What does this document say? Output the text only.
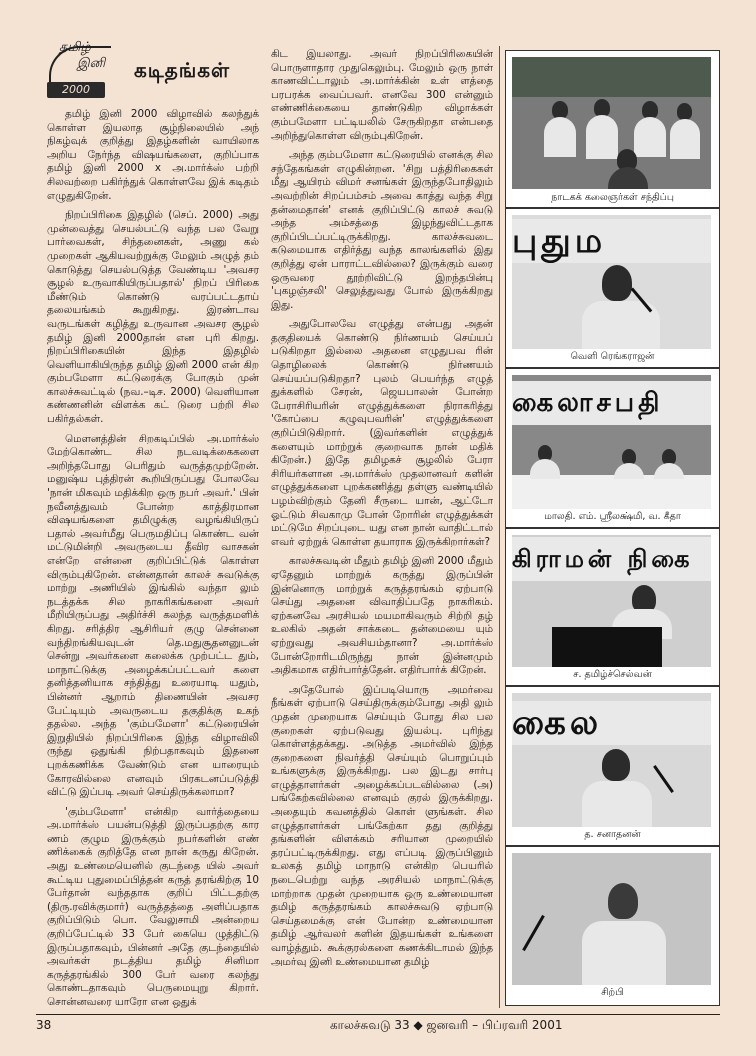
தமிழ்
இனி
2000
கடிதங்கள்

தமிழ் இனி 2000 விழாவில் கலந்துக் கொள்ள இயலாத சூழ்நிலையில் அந் நிகழ்வுக் குறித்து இதழ்களின் வாயிலாக அறிய நேர்ந்த விஷயங்களை, குறிப்பாக தமிழ் இனி 2000 x அ.மார்க்ஸ் பற்றி சிலவற்றை பகிர்ந்துக் கொள்ளவே இக் கடிதம் எழுதுகிறேன்.

நிறப்பிரிகை இதழில் (செப். 2000) அது முன்வைத்து செயல்பட்டு வந்த பல வேறு பார்வைகள், சிந்தனைகள், அணு கல் முறைகள் ஆகியவற்றுக்கு மேலும் அழுத் தம் கொடுத்து செயல்படுத்த வேண்டிய 'அவசர சூழல் உருவாகியிருப்பதால்' நிறப் பிரிகை மீண்டும் கொண்டு வரப்பட்டதாய் தலையங்கம் கூறுகிறது. இரண்டாவ வருடங்கள் கழித்து உருவான அவசர சூழல் தமிழ் இனி 2000தான் என புரி கிறது. நிறப்பிரிகையின் இந்த இதழில் வெளியாகியிருந்த தமிழ் இனி 2000 என் கிற கும்பமேளா கட்டுரைக்கு போகும் முன் காலச்சுவட்டில் (நவ.–டிச. 2000) வெளியான கண்ணனின் விளக்க கட் டுரை பற்றி சில பகிர்தல்கள்.

மௌனத்தின் சிறகடிப்பில் அ.மார்க்ஸ் மேற்கொண்ட சில நடவடிக்கைகளை அறிந்தபோது பெரிதும் வருத்தமுற்றேன். மனுஷ்ய புத்திரன் கூறியிருப்பது போலவே 'நான் மிகவும் மதிக்கிற ஒரு நபர் அவர்.' பின் நவீனத்துவம் போன்ற காத்திரமான விஷயங்களை தமிழுக்கு வழங்கியிருப் பதால் அவர்மீது பெருமதிப்பு கொண்ட வன் மட்டுமின்றி அவருடைய தீவிர வாசகன் என்றே என்னை குறிப்பிட்டுக் கொள்ள விரும்புகிறேன். என்னதான் காலச் சுவடுக்கு மாற்று அணியில் இங்கில் வந்தா லும் நடத்தக்க சில நாகரிகங்களை அவர் மீறியிருப்பது அதிர்ச்சி கலந்த வருத்தமளிக் கிறது. சரித்திர ஆசிரியர் குழு சென்னை வந்திறங்கியவுடன் தெ.மதுசூதனனுடன் சென்று அவர்களை கலைக்க முற்பட்ட தும், மாநாட்டுக்கு அழைக்கப்பட்டவர் களை தனித்தனியாக சந்தித்து உரையாடி யதும், பின்னர் ஆறாம் திணையின் அவசர பேட்டியும் அவருடைய தகுதிக்கு உகந் ததல்ல. அந்த 'கும்பமேளா' கட்டுரையின் இறுதியில் நிறப்பிரிகை இந்த விழாவிலி ருந்து ஒதுங்கி நிற்பதாகவும் இதனை புறக்கணிக்க வேண்டும் என யாரையும் கோரவில்லை எனவும் பிரகடனப்படுத்தி விட்டு இப்படி அவர் செய்திருக்கலாமா?

'கும்பமேளா' என்கிற வார்த்தையை அ.மார்க்ஸ் பயன்படுத்தி இருப்பதற்கு கார ணம் குழும இருக்கும் நபர்களின் எண் ணிக்கைக் குறித்தே என நான் கருது கிறேன். அது உண்மையெனில் குடந்தை யில் அவர் கூட்டிய புதுமைப்பித்தன் கருத் தரங்கிற்கு 10 பேர்தான் வந்ததாக குறிப் பிட்டதற்கு (திரு.ரவிக்குமார்) வருத்தத்தை அளிப்பதாக குறிப்பிடும் பொ. வேலுசாமி அன்றைய குறிப்பேட்டில் 33 பேர் கையெ ழுத்திட்டு இருப்பதாகவும், பின்னர் அதே குடந்தையில் அவர்கள் நடத்திய தமிழ் சினிமா கருத்தரங்கில் 300 பேர் வரை கலந்து கொண்டதாகவும் பெருமையுறு கிறார். சொன்னவரை யாரோ என ஒதுக்

கிட இயலாது. அவர் நிறப்பிரிகையின் பொருளாதார முதுகெலும்பு. மேலும் ஒரு நாள் காணவிட்டாலும் அ.மார்க்கின் உள் ளத்தை பரபரக்க வைப்பவர். எனவே 300 என்னும் எண்ணிக்கையை தாண்டுகிற விழாக்கள் கும்பமேளா பட்டியலில் சேருகிறதா என்பதை அறிந்துகொள்ள விரும்புகிறேன்.

அந்த கும்பமேளா கட்டுரையில் எனக்கு சில சந்தேகங்கள் எழுகின்றன. 'சிறு பத்திரிகைகள் மீது ஆயிரம் விமர் சனங்கள் இருந்தபோதிலும் அவற்றின் சிறப்பம்சம் அவை காத்து வந்த சிறு தன்மைதான்' எனக் குறிப்பிட்டு காலச் சுவடு அந்த அம்சத்தை இழந்துவிட்டதாக குறிப்பிடப்பட்டிருக்கிறது. காலச்சுவடை கடுமையாக எதிர்த்து வந்த காலங்களில் இது குறித்து ஏன் பாராட்டவில்லை? இருக்கும் வரை ஒருவரை தூற்றிவிட்டு இறந்தபின்பு 'புகழஞ்சலி' செலுத்துவது போல் இருக்கிறது இது.

அதுபோலவே எழுத்து என்பது அதன் தகுதியைக் கொண்டு நிர்ணயம் செய்யப் படுகிறதா இல்லை அதனை எழுதுபவ ரின் தொழிலைக் கொண்டு நிர்ணயம் செய்யப்படுகிறதா? புலம் பெயர்ந்த எழுத் துக்களில் சேரன், ஜெயபாலன் போன்ற பேராசிரியரின் எழுத்துக்களை நிராகரித்து 'கோப்பை கழுவுபவரின்' எழுத்துக்களை குறிப்பிடுகிறார். (இவர்களின் எழுத்துக் களையும் மாற்றுக் குறைவாக நான் மதிக் கிறேன்.) இதே தமிழகச் சூழலில் பேரா சிரியர்களான அ.மார்க்ஸ் முதலானவர் களின் எழுத்துக்களை புறக்கணித்து தள்ளு வண்டியில் பழம்விற்கும் தேனி சீருடை யான், ஆட்டோ ஓட்டும் சிவகாமு போன் றோரின் எழுத்துக்கள் மட்டுமே சிறப்புடை யது என நான் வாதிட்டால் எவர் ஏற்றுக் கொள்ள தயாராக இருக்கிறார்கள்?

காலச்சுவடின் மீதும் தமிழ் இனி 2000 மீதும் ஏதேனும் மாற்றுக் கருத்து இருப்பின் இன்னொரு மாற்றுக் கருத்தரங்கம் ஏற்பாடு செய்து அதனை விவாதிப்பதே நாகரிகம். ஏற்கனவே அரசியல் மயமாகிவரும் சிற்றி தழ் உலகில் அதன் சாக்கடை தன்மையை யும் ஏற்றுவது அவசியம்தானா? அ.மார்க்ஸ் போன்றோரிடமிருந்து நான் இன்னமும் அதிகமாக எதிர்பார்த்தேன். எதிர்பார்க் கிறேன்.

அதேபோல் இப்படியொரு அமர்வை நீங்கள் ஏற்பாடு செய்திருக்கும்போது அதி லும் முதன் முறையாக செய்யும் போது சில பல குறைகள் ஏற்படுவது இயல்பு. புரிந்து கொள்ளத்தக்கது. அடுத்த அமர்வில் இந்த குறைகளை நிவர்த்தி செய்யும் பொறுப்பும் உங்களுக்கு இருக்கிறது. பல இடது சார்பு எழுத்தாளர்கள் அழைக்கப்படவில்லை (அ) பங்கேற்கவில்லை எனவும் குரல் இருக்கிறது. அதையும் கவனத்தில் கொள் ளுங்கள். சில எழுத்தாளர்கள் பங்கேற்கா தது குறித்து தங்களின் விளக்கம் சரியான முறையில் தரப்பட்டிருக்கிறது. எது எப்படி இருப்பினும் உலகத் தமிழ் மாநாடு என்கிற பெயரில் நடைபெற்று வந்த அரசியல் மாநாட்டுக்கு மாற்றாக முதன் முறையாக ஒரு உண்மையான தமிழ் கருத்தரங்கம் காலச்சுவடு ஏற்பாடு செய்தமைக்கு என் போன்ற உண்மையான தமிழ் ஆர்வலர் களின் இதயங்கள் உங்களை வாழ்த்தும். கூக்குரல்களை கணக்கிடாமல் இந்த அமர்வு இனி உண்மையான தமிழ்

நாடகக் கலைஞர்கள் சந்திப்பு
புதும
வெளி ரெங்கராஜன்
கைலாசபதி
மாலதி. எம். ஸ்ரீலக்ஷ்மி, வ. கீதா
கிராமன் நிகை
ச. தமிழ்ச்செல்வன்
கைல
த. சனாதனன்
சிற்பி
38	காலச்சுவடு 33 ◆ ஜனவரி – பிப்ரவரி 2001
